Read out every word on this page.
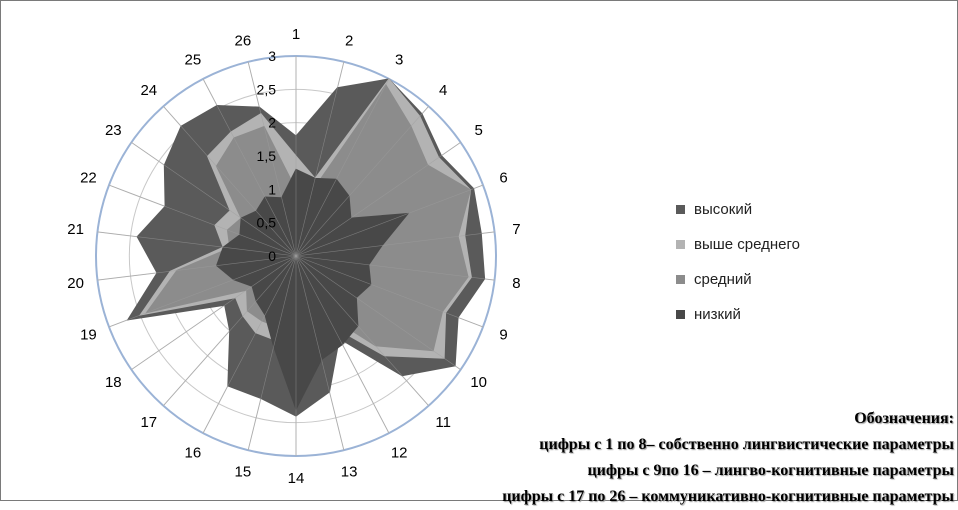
0
0,5
1
1,5
2
2,5
3
1	2
3
4
5
6
7
8
9
10
11
12
13
14
15
16
17
18
19
20
21
22
23
24
25
26
высокий
выше среднего
средний
низкий
Обозначения:
цифры с 1 по 8– собственно лингвистические параметры
цифры с 9по 16 – лингво-когнитивные параметры
цифры с 17 по 26 – коммуникативно-когнитивные параметры
